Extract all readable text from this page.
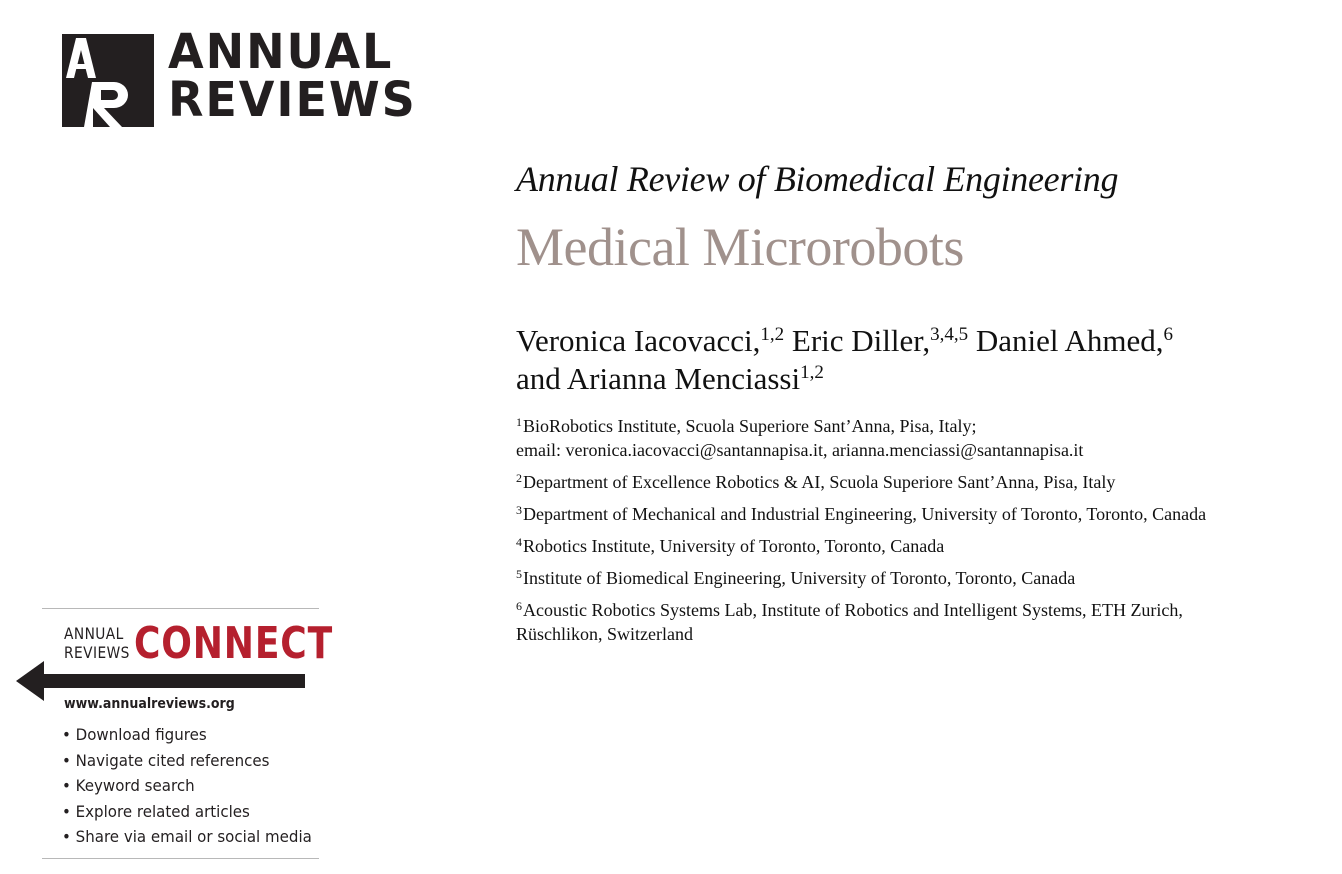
ANNUAL
REVIEWS
Annual Review of Biomedical Engineering
Medical Microrobots
Veronica Iacovacci,$^{1,2}$ Eric Diller,$^{3,4,5}$ Daniel Ahmed,$^6$
and Arianna Menciassi$^{1,2}$
$^1$BioRobotics Institute, Scuola Superiore Sant’Anna, Pisa, Italy;
email: veronica.iacovacci@santannapisa.it, arianna.menciassi@santannapisa.it
$^2$Department of Excellence Robotics & AI, Scuola Superiore Sant’Anna, Pisa, Italy
$^3$Department of Mechanical and Industrial Engineering, University of Toronto, Toronto, Canada
$^4$Robotics Institute, University of Toronto, Toronto, Canada
$^5$Institute of Biomedical Engineering, University of Toronto, Toronto, Canada
$^6$Acoustic Robotics Systems Lab, Institute of Robotics and Intelligent Systems, ETH Zurich,
Rüschlikon, Switzerland
ANNUAL
REVIEWS CONNECT
www.annualreviews.org
• Download figures
• Navigate cited references
• Keyword search
• Explore related articles
• Share via email or social media
